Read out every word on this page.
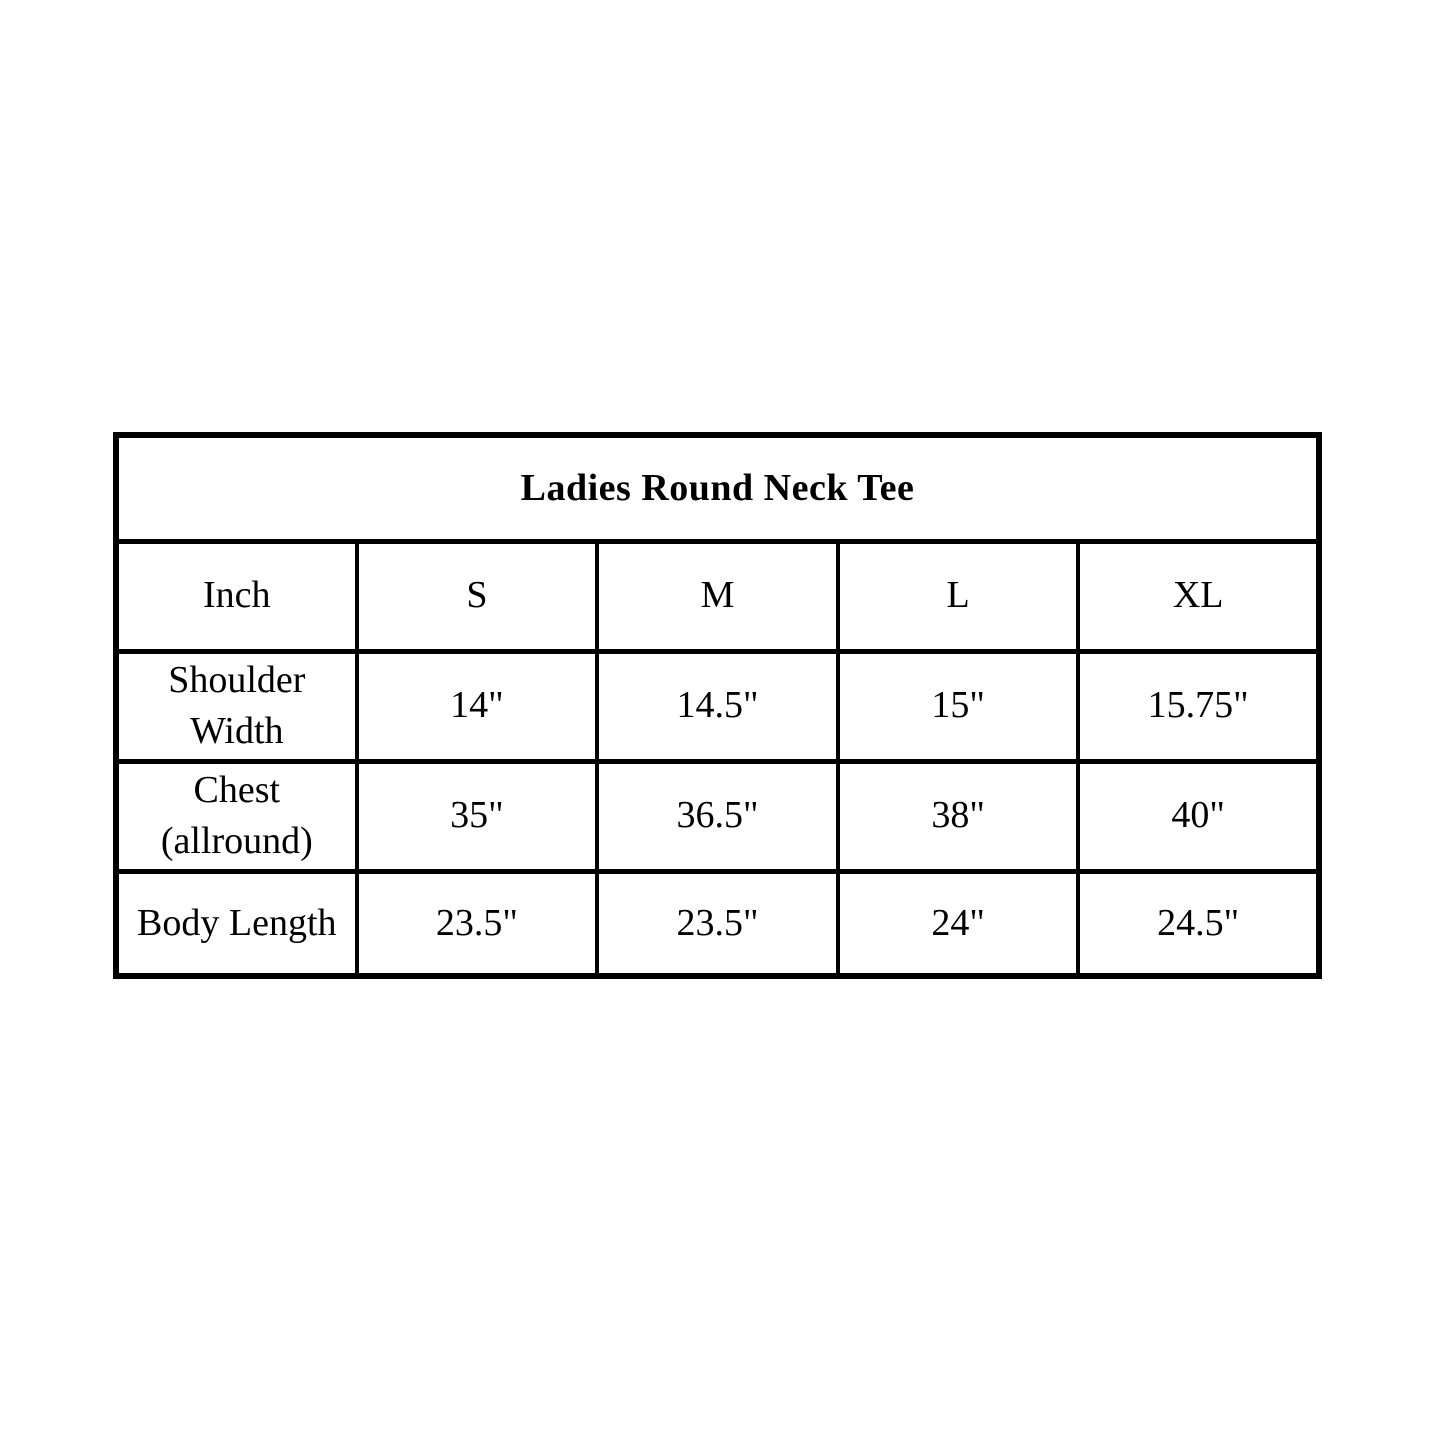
Ladies Round Neck Tee				
Inch	S	M	L	XL
Shoulder Width	14"	14.5"	15"	15.75"
Chest (allround)	35"	36.5"	38"	40"
Body Length	23.5"	23.5"	24"	24.5"
